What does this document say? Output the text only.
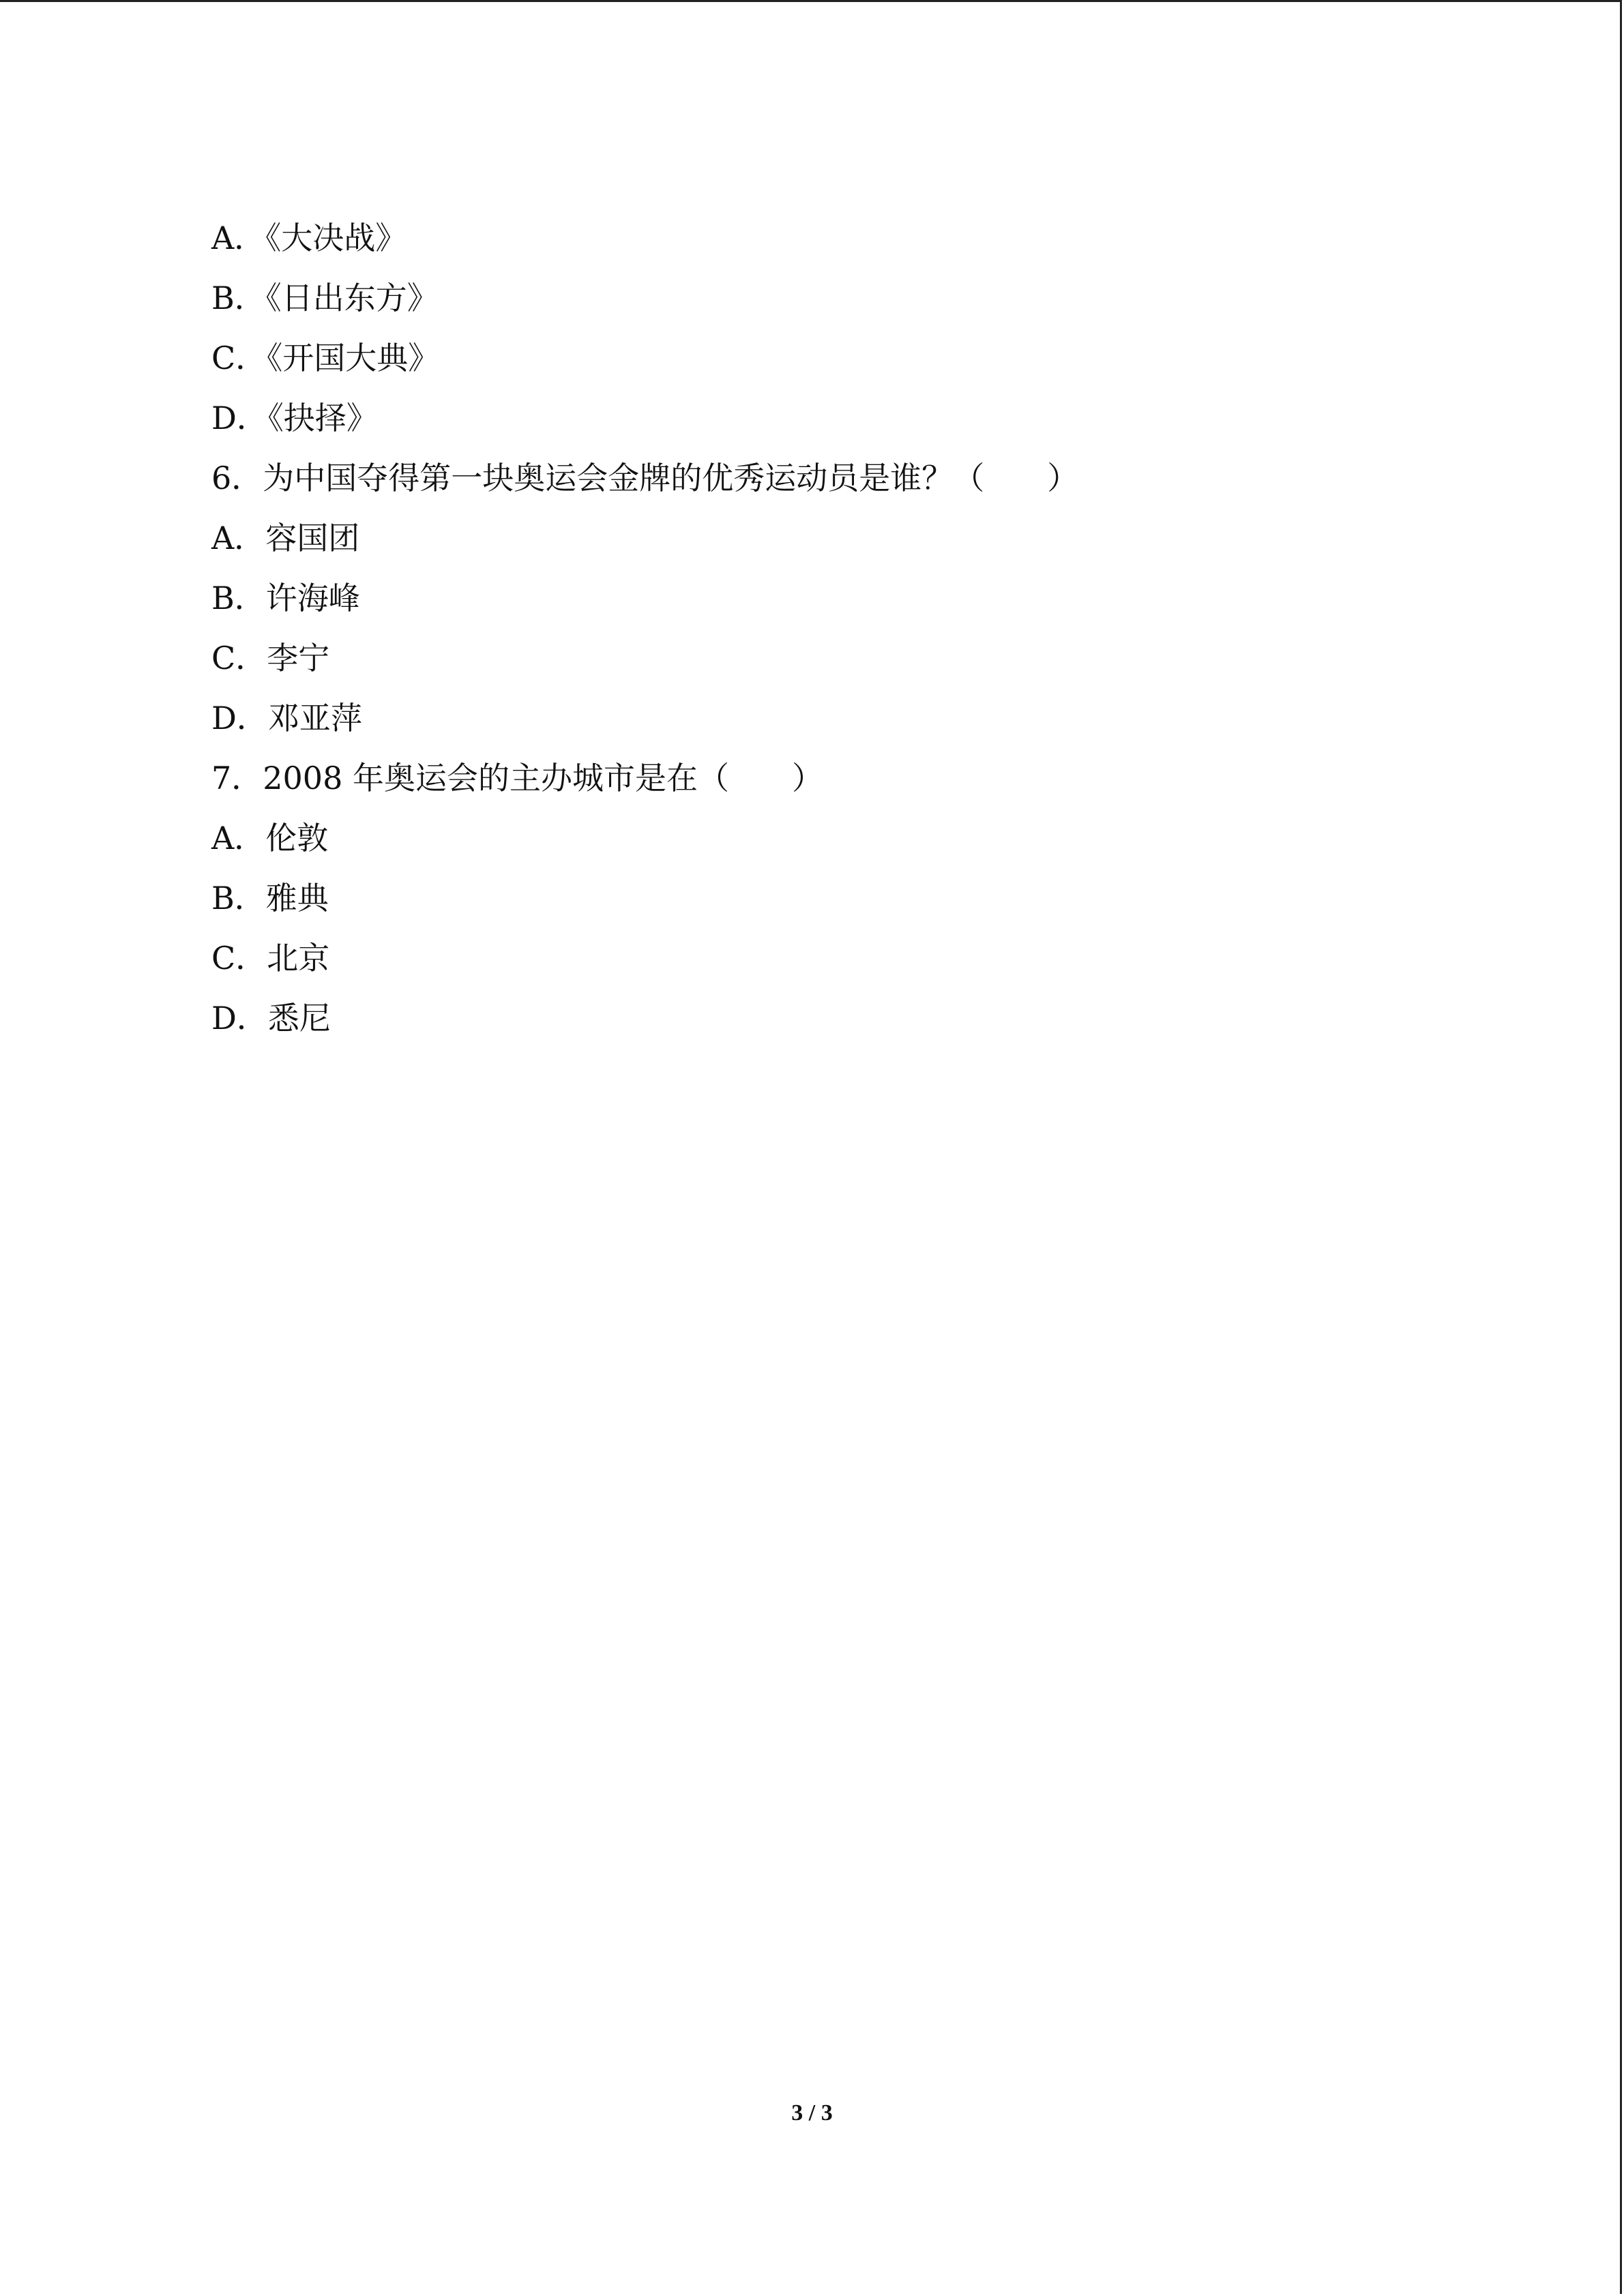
A．《大决战》
B．《日出东方》
C．《开国大典》
D．《抉择》
6．为中国夺得第一块奥运会金牌的优秀运动员是谁？（　　）
A．容国团
B．许海峰
C．李宁
D．邓亚萍
7．2008 年奥运会的主办城市是在（　　）
A．伦敦
B．雅典
C．北京
D．悉尼
3 / 3
